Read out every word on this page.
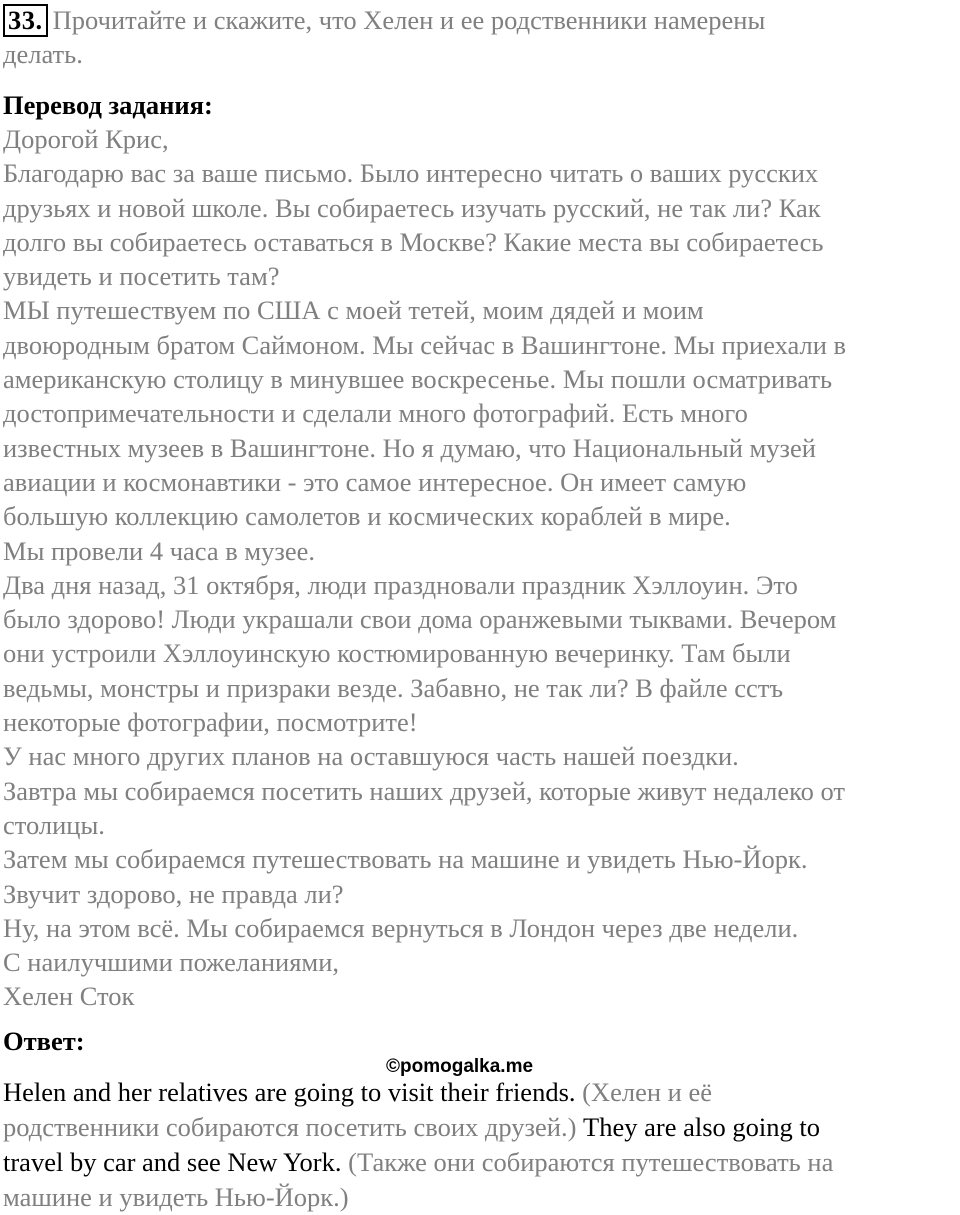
33. Прочитайте и скажите, что Хелен и ее родственники намерены

делать.

Перевод задания:

Дорогой Крис,

Благодарю вас за ваше письмо. Было интересно читать о ваших русских

друзьях и новой школе. Вы собираетесь изучать русский, не так ли? Как

долго вы собираетесь оставаться в Москве? Какие места вы собираетесь

увидеть и посетить там?

МЫ путешествуем по США с моей тетей, моим дядей и моим

двоюродным братом Саймоном. Мы сейчас в Вашингтоне. Мы приехали в

американскую столицу в минувшее воскресенье. Мы пошли осматривать

достопримечательности и сделали много фотографий. Есть много

известных музеев в Вашингтоне. Но я думаю, что Национальный музей

авиации и космонавтики - это самое интересное. Он имеет самую

большую коллекцию самолетов и космических кораблей в мире.

Мы провели 4 часа в музее.

Два дня назад, 31 октября, люди праздновали праздник Хэллоуин. Это

было здорово! Люди украшали свои дома оранжевыми тыквами. Вечером

они устроили Хэллоуинскую костюмированную вечеринку. Там были

ведьмы, монстры и призраки везде. Забавно, не так ли? В файле сстъ

некоторые фотографии, посмотрите!

У нас много других планов на оставшуюся часть нашей поездки.

Завтра мы собираемся посетить наших друзей, которые живут недалеко от

столицы.

Затем мы собираемся путешествовать на машине и увидеть Нью-Йорк.

Звучит здорово, не правда ли?

Ну, на этом всё. Мы собираемся вернуться в Лондон через две недели.

С наилучшими пожеланиями,

Хелен Сток

Ответ:

©pomogalka.me

Helen and her relatives are going to visit their friends. (Хелен и её

родственники собираются посетить своих друзей.) They are also going to

travel by car and see New York. (Также они собираются путешествовать на

машине и увидеть Нью-Йорк.)
